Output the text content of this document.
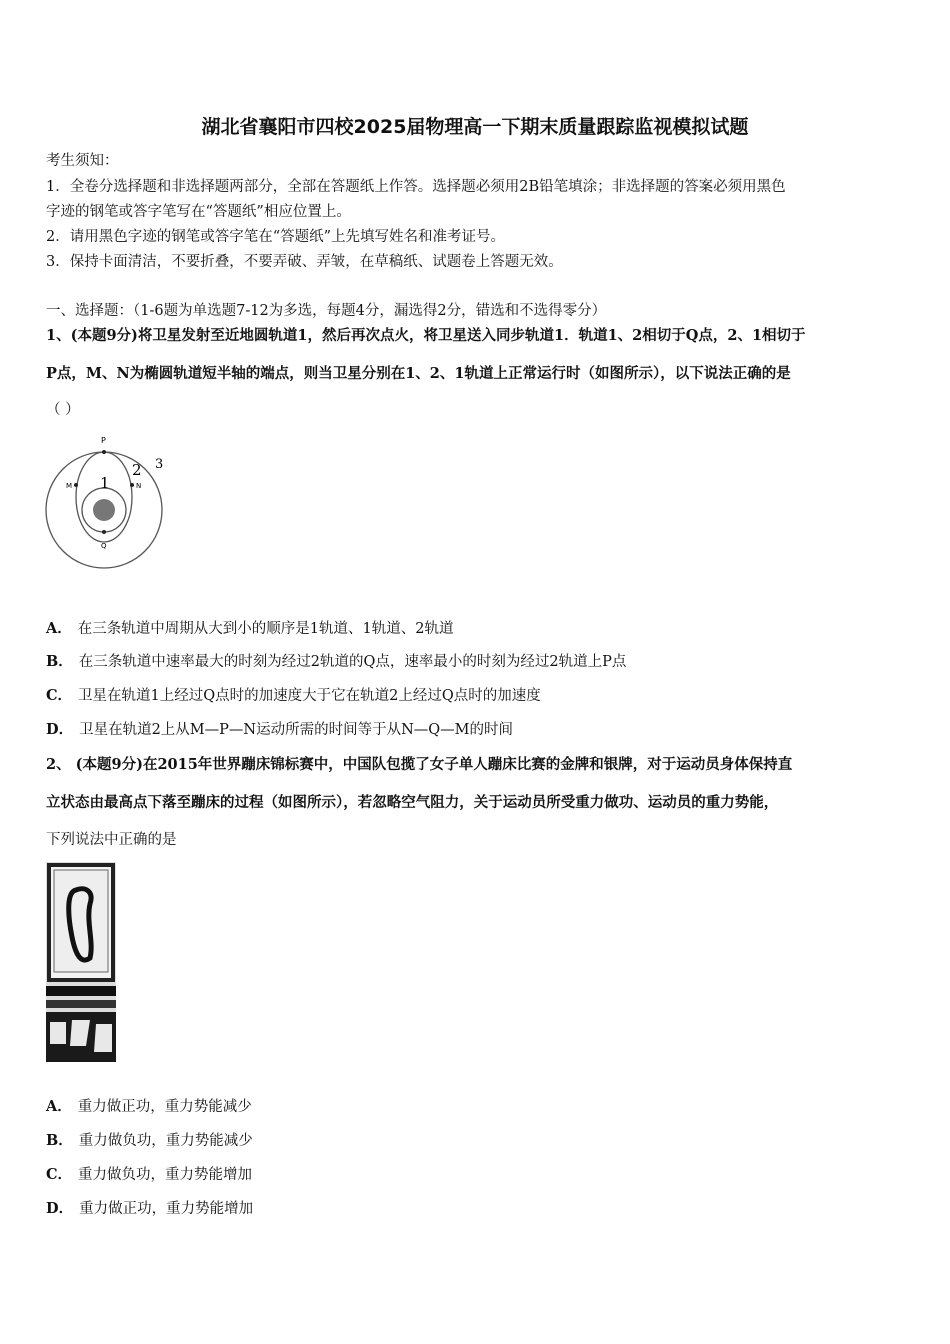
湖北省襄阳市四校2025届物理高一下期末质量跟踪监视模拟试题
考生须知：
1．全卷分选择题和非选择题两部分，全部在答题纸上作答。选择题必须用2B铅笔填涂；非选择题的答案必须用黑色
字迹的钢笔或答字笔写在“答题纸”相应位置上。
2．请用黑色字迹的钢笔或答字笔在“答题纸”上先填写姓名和准考证号。
3．保持卡面清洁，不要折叠，不要弄破、弄皱，在草稿纸、试题卷上答题无效。
一、选择题：（1-6题为单选题7-12为多选，每题4分，漏选得2分，错选和不选得零分）
1、(本题9分)将卫星发射至近地圆轨道1，然后再次点火，将卫星送入同步轨道1．轨道1、2相切于Q点，2、1相切于
P点，M、N为椭圆轨道短半轴的端点，则当卫星分别在1、2、1轨道上正常运行时（如图所示），以下说法正确的是
（ ）
P
M	N
Q
1
2 3
A． 在三条轨道中周期从大到小的顺序是1轨道、1轨道、2轨道
B． 在三条轨道中速率最大的时刻为经过2轨道的Q点，速率最小的时刻为经过2轨道上P点
C． 卫星在轨道1上经过Q点时的加速度大于它在轨道2上经过Q点时的加速度
D． 卫星在轨道2上从M—P—N运动所需的时间等于从N—Q—M的时间
2、 (本题9分)在2015年世界蹦床锦标赛中，中国队包揽了女子单人蹦床比赛的金牌和银牌，对于运动员身体保持直
立状态由最高点下落至蹦床的过程（如图所示），若忽略空气阻力，关于运动员所受重力做功、运动员的重力势能，
下列说法中正确的是
A． 重力做正功，重力势能减少
B． 重力做负功，重力势能减少
C． 重力做负功，重力势能增加
D． 重力做正功，重力势能增加
